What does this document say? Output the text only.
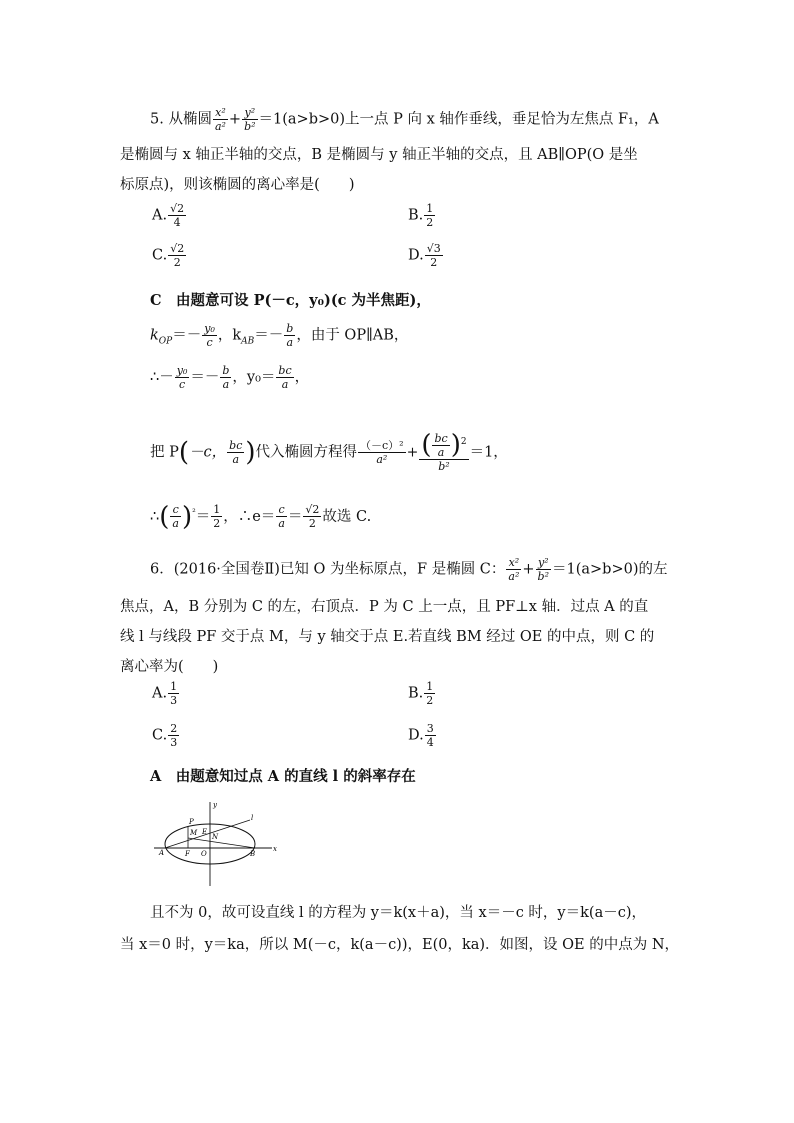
5. 从椭圆 $\frac{\text{x²}}{\text{a²}} + \frac{\text{y²}}{\text{b²}} =1(a>b>0)$上一点 P 向 x 轴作垂线，垂足恰为左焦点 F₁，A
是椭圆与 x 轴正半轴的交点，B 是椭圆与 y 轴正半轴的交点，且 AB∥OP(O 是坐
标原点)，则该椭圆的离心率是(　　)
A. $\frac{√2}{4}$	B. $\frac{1}{2}$
C. $\frac{√2}{2}$	D. $\frac{√3}{2}$
C　由题意可设 P(－c，y₀)(c 为半焦距)，
$k_{OP}=- \frac{\text{y₀}}{c}$ ，$k_{AB}=- \frac{b}{a}$ ，由于 OP∥AB，
∴－ $\frac{\text{y₀}}{c} =- \frac{b}{a}$ ，$y_0= \frac{bc}{a}$ ，
把 P(－c， $\frac{bc}{a}$ )代入椭圆方程得 $\frac{\text{（－c）²}}{\text{a²}} + \frac{( \frac{bc}{a} )^2}{\text{b²}} =1$，
∴( $\frac{c}{a} )^{^2}= \frac{1}{2}$ ，∴e＝ $\frac{c}{a} = \frac{√2}{2}$ 故选 C.
6．(2016·全国卷Ⅱ)已知 O 为坐标原点，F 是椭圆 C： $\frac{\text{x²}}{\text{a²}} + \frac{\text{y²}}{\text{b²}} =1(a>b>0)$的左
焦点，A，B 分别为 C 的左，右顶点．P 为 C 上一点，且 PF⊥x 轴．过点 A 的直
线 l 与线段 PF 交于点 M，与 y 轴交于点 E.若直线 BM 经过 OE 的中点，则 C 的
离心率为(　　)
A. $\frac{1}{3}$	B. $\frac{1}{2}$
C. $\frac{2}{3}$	D. $\frac{3}{4}$
A　由题意知过点 A 的直线 l 的斜率存在
y
x
l
P
M E
N
A	F O	B
且不为 0，故可设直线 l 的方程为 y＝k(x＋a)，当 x＝－c 时，y＝k(a－c)，
当 x＝0 时，y＝ka，所以 M(－c，k(a－c))，E(0，ka)．如图，设 OE 的中点为 N，
